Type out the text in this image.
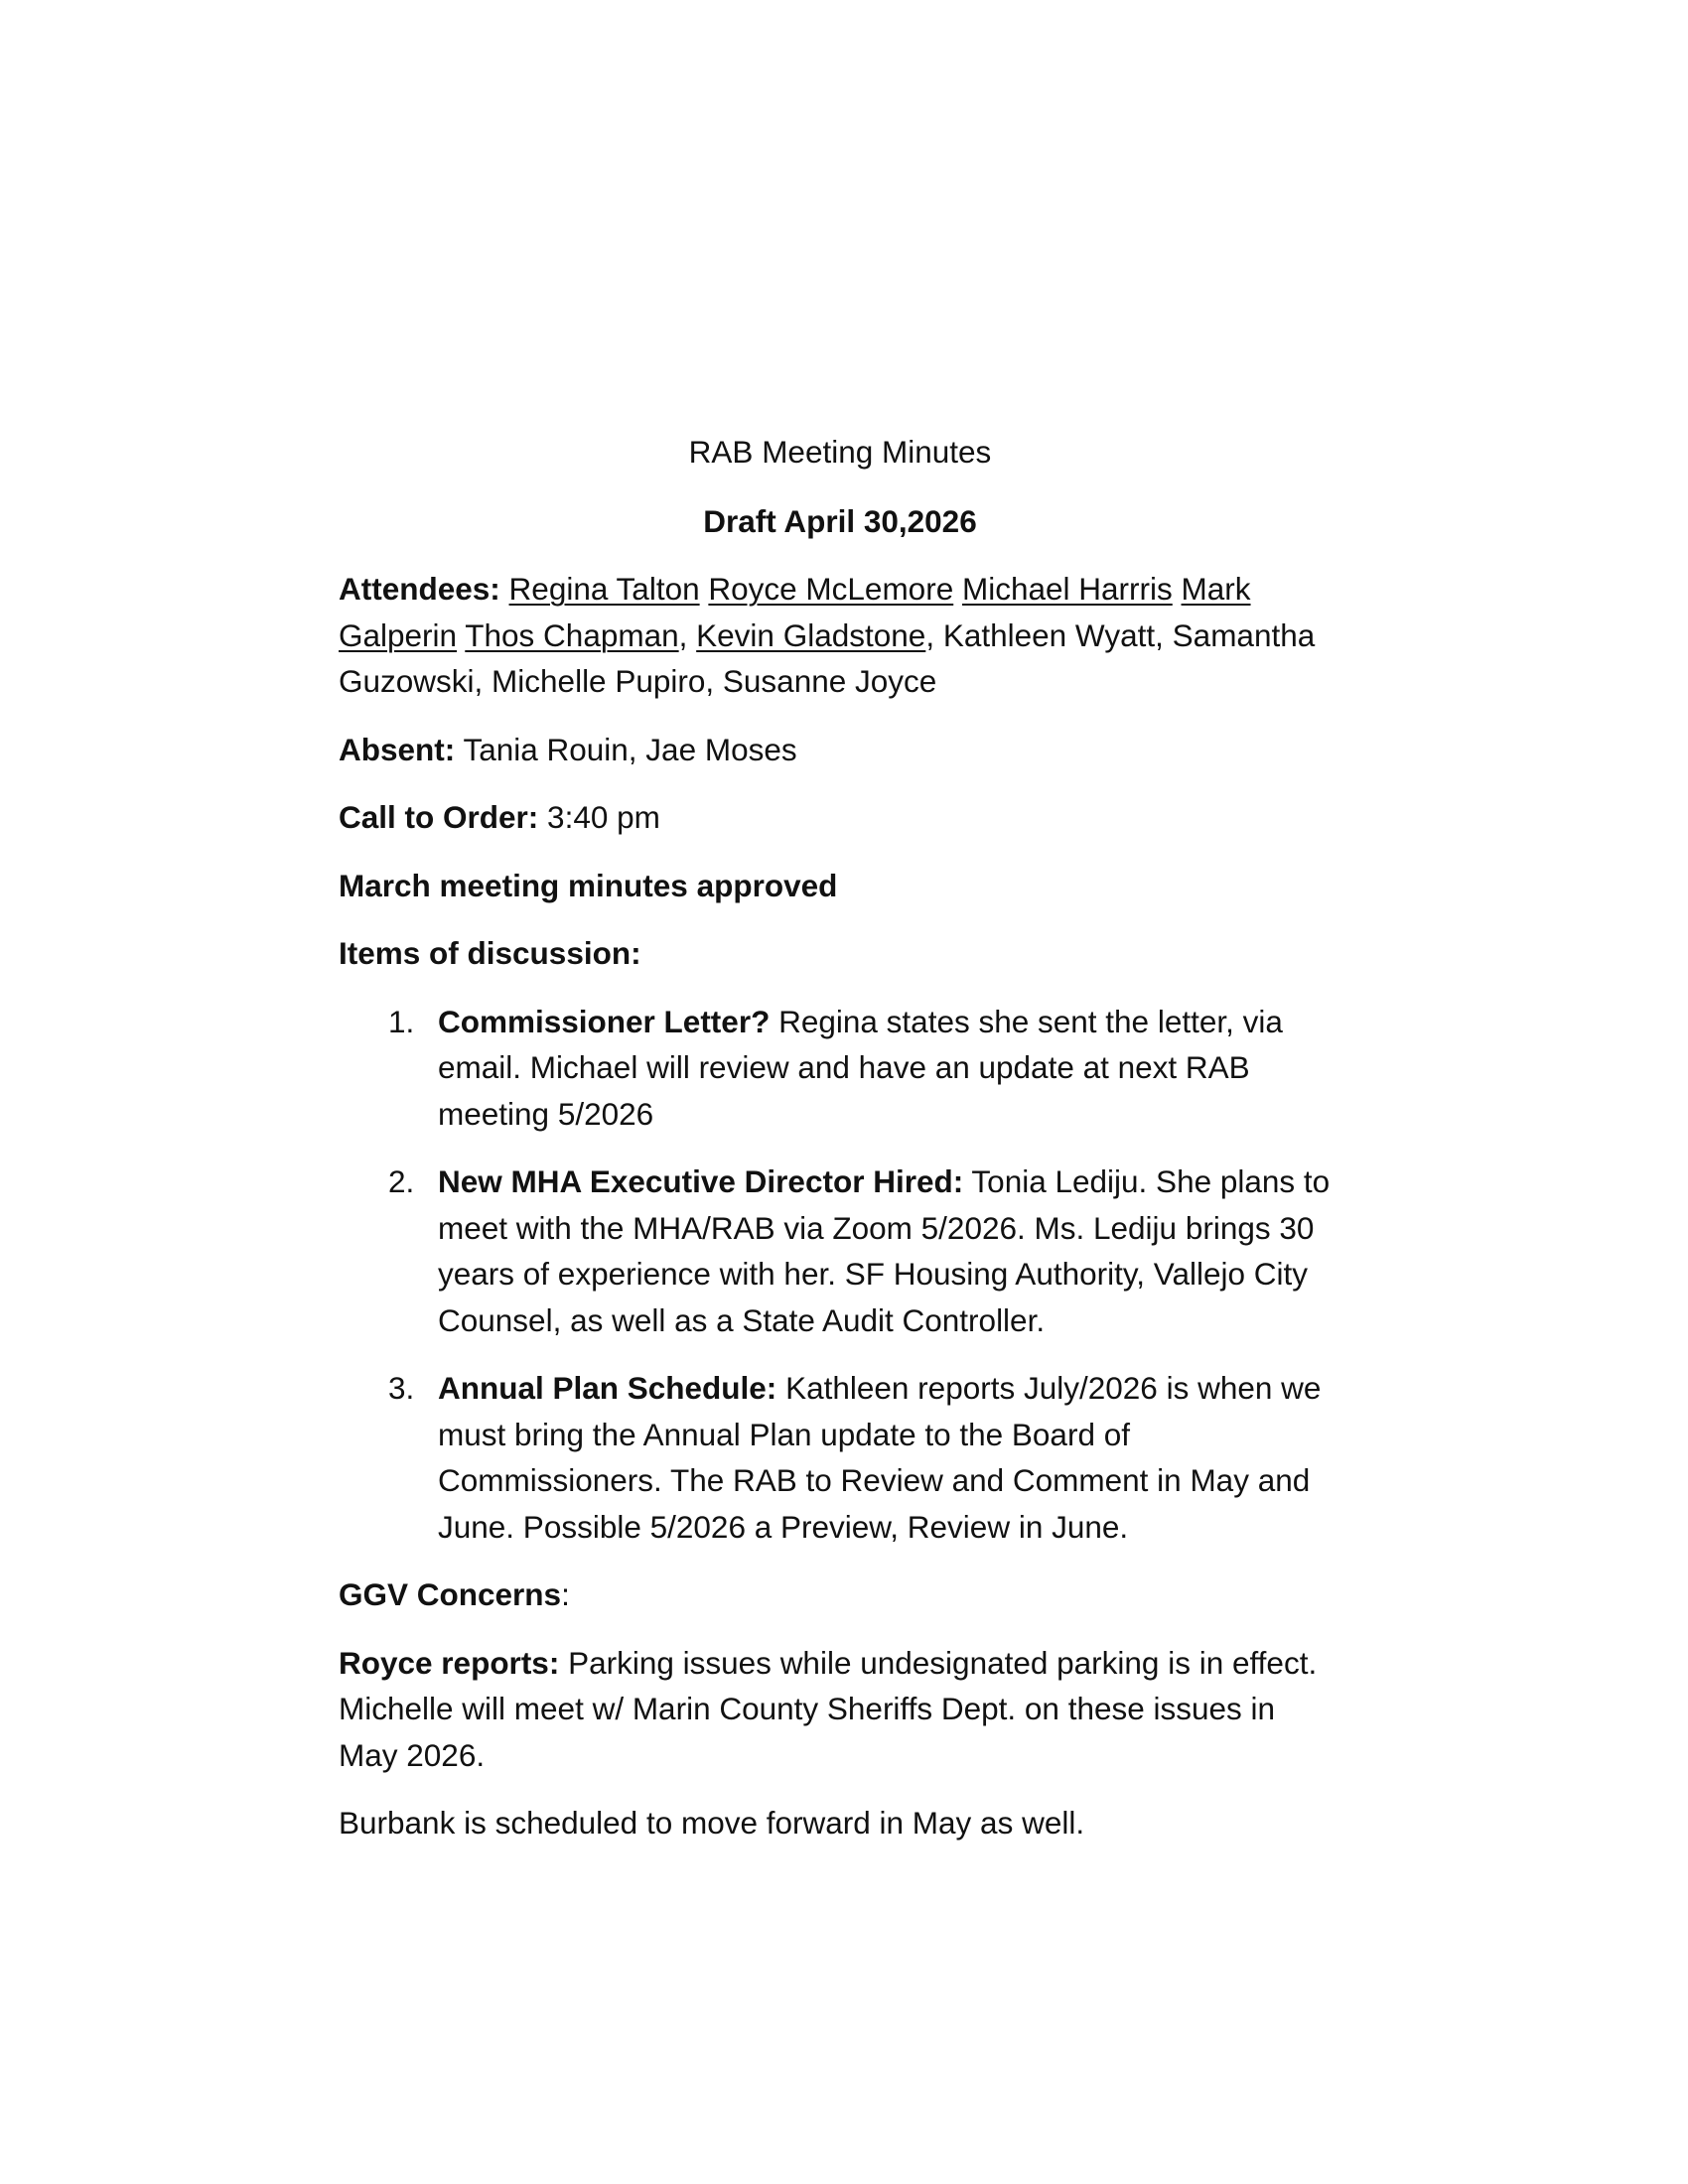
RAB Meeting Minutes

Draft April 30,2026

Attendees: Regina Talton Royce McLemore Michael Harrris Mark Galperin Thos Chapman, Kevin Gladstone, Kathleen Wyatt, Samantha Guzowski, Michelle Pupiro, Susanne Joyce

Absent: Tania Rouin, Jae Moses

Call to Order: 3:40 pm

March meeting minutes approved

Items of discussion:

1. Commissioner Letter? Regina states she sent the letter, via email. Michael will review and have an update at next RAB meeting 5/2026
2. New MHA Executive Director Hired: Tonia Lediju. She plans to meet with the MHA/RAB via Zoom 5/2026. Ms. Lediju brings 30 years of experience with her. SF Housing Authority, Vallejo City Counsel, as well as a State Audit Controller.
3. Annual Plan Schedule: Kathleen reports July/2026 is when we must bring the Annual Plan update to the Board of Commissioners. The RAB to Review and Comment in May and June. Possible 5/2026 a Preview, Review in June.

GGV Concerns:

Royce reports: Parking issues while undesignated parking is in effect. Michelle will meet w/ Marin County Sheriffs Dept. on these issues in May 2026.

Burbank is scheduled to move forward in May as well.
